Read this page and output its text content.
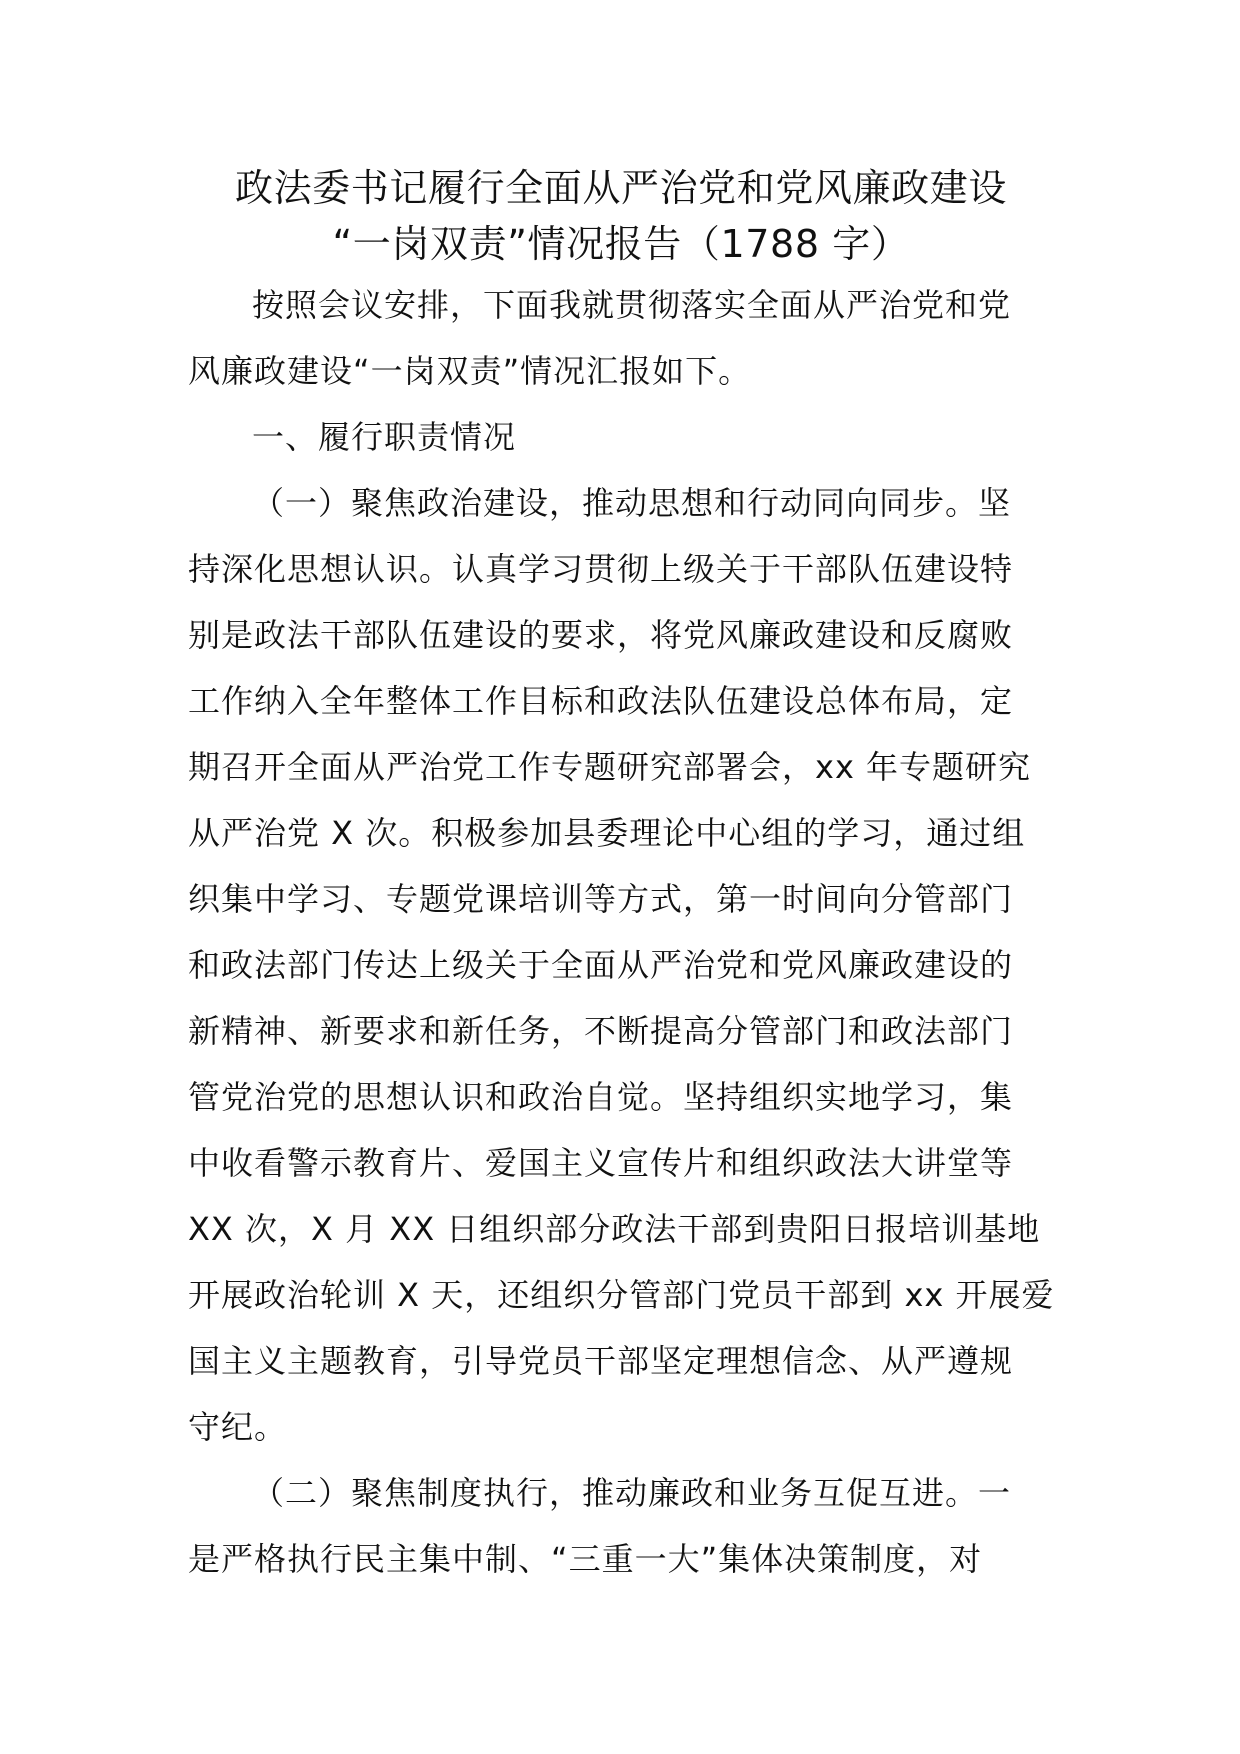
政法委书记履行全面从严治党和党风廉政建设
“一岗双责”情况报告（1788 字）
按照会议安排，下面我就贯彻落实全面从严治党和党
风廉政建设“一岗双责”情况汇报如下。
一、履行职责情况
（一）聚焦政治建设，推动思想和行动同向同步。坚
持深化思想认识。认真学习贯彻上级关于干部队伍建设特
别是政法干部队伍建设的要求，将党风廉政建设和反腐败
工作纳入全年整体工作目标和政法队伍建设总体布局，定
期召开全面从严治党工作专题研究部署会，xx 年专题研究
从严治党 X 次。积极参加县委理论中心组的学习，通过组
织集中学习、专题党课培训等方式，第一时间向分管部门
和政法部门传达上级关于全面从严治党和党风廉政建设的
新精神、新要求和新任务，不断提高分管部门和政法部门
管党治党的思想认识和政治自觉。坚持组织实地学习，集
中收看警示教育片、爱国主义宣传片和组织政法大讲堂等
XX 次，X 月 XX 日组织部分政法干部到贵阳日报培训基地
开展政治轮训 X 天，还组织分管部门党员干部到 xx 开展爱
国主义主题教育，引导党员干部坚定理想信念、从严遵规
守纪。
（二）聚焦制度执行，推动廉政和业务互促互进。一
是严格执行民主集中制、“三重一大”集体决策制度，对
